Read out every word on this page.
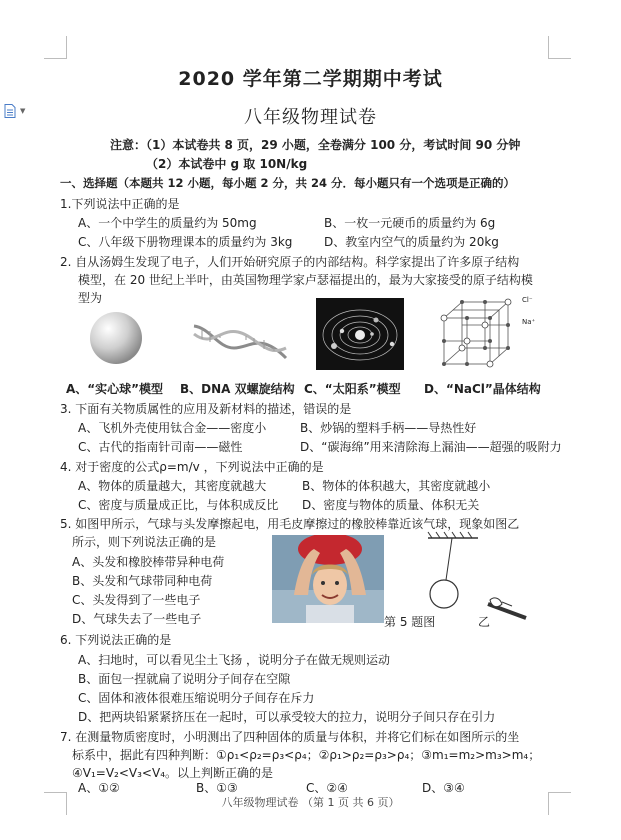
▼
2020 学年第二学期期中考试
八年级物理试卷
注意：（1）本试卷共 8 页，29 小题，全卷满分 100 分，考试时间 90 分钟
（2）本试卷中 g 取 10N/kg
一、选择题（本题共 12 小题，每小题 2 分，共 24 分．每小题只有一个选项是正确的）
1.下列说法中正确的是
A、一个中学生的质量约为 50mg	B、一枚一元硬币的质量约为 6g
C、八年级下册物理课本的质量约为 3kg	D、教室内空气的质量约为 20kg
2. 自从汤姆生发现了电子，人们开始研究原子的内部结构。科学家提出了许多原子结构
模型，在 20 世纪上半叶，由英国物理学家卢瑟福提出的，最为大家接受的原子结构模
型为	Cl⁻
Na⁺
A、“实心球”模型 B、DNA 双螺旋结构 C、“太阳系”模型 D、“NaCl”晶体结构
3. 下面有关物质属性的应用及新材料的描述，错误的是
A、飞机外壳使用钛合金——密度小	B、炒锅的塑料手柄——导热性好
C、古代的指南针司南——磁性	D、“碳海绵”用来清除海上漏油——超强的吸附力
4. 对于密度的公式ρ=m/v ，下列说法中正确的是
A、物体的质量越大，其密度就越大	B、物体的体积越大，其密度就越小
C、密度与质量成正比，与体积成反比 D、密度与物体的质量、体积无关
5. 如图甲所示，气球与头发摩擦起电，用毛皮摩擦过的橡胶棒靠近该气球，现象如图乙
所示，则下列说法正确的是
A、头发和橡胶棒带异种电荷
B、头发和气球带同种电荷
C、头发得到了一些电子
D、气球失去了一些电子	第 5 题图	乙
6. 下列说法正确的是
A、扫地时，可以看见尘土飞扬 ，说明分子在做无规则运动
B、面包一捏就扁了说明分子间存在空隙
C、固体和液体很难压缩说明分子间存在斥力
D、把两块铅紧紧挤压在一起时，可以承受较大的拉力，说明分子间只存在引力
7. 在测量物质密度时，小明测出了四种固体的质量与体积，并将它们标在如图所示的坐
标系中，据此有四种判断：①ρ₁<ρ₂=ρ₃<ρ₄；②ρ₁>ρ₂=ρ₃>ρ₄；③m₁=m₂>m₃>m₄；
④V₁=V₂<V₃<V₄。以上判断正确的是
A、①②	B、①③	C、②④	D、③④
八年级物理试卷 （第 1 页 共 6 页）
